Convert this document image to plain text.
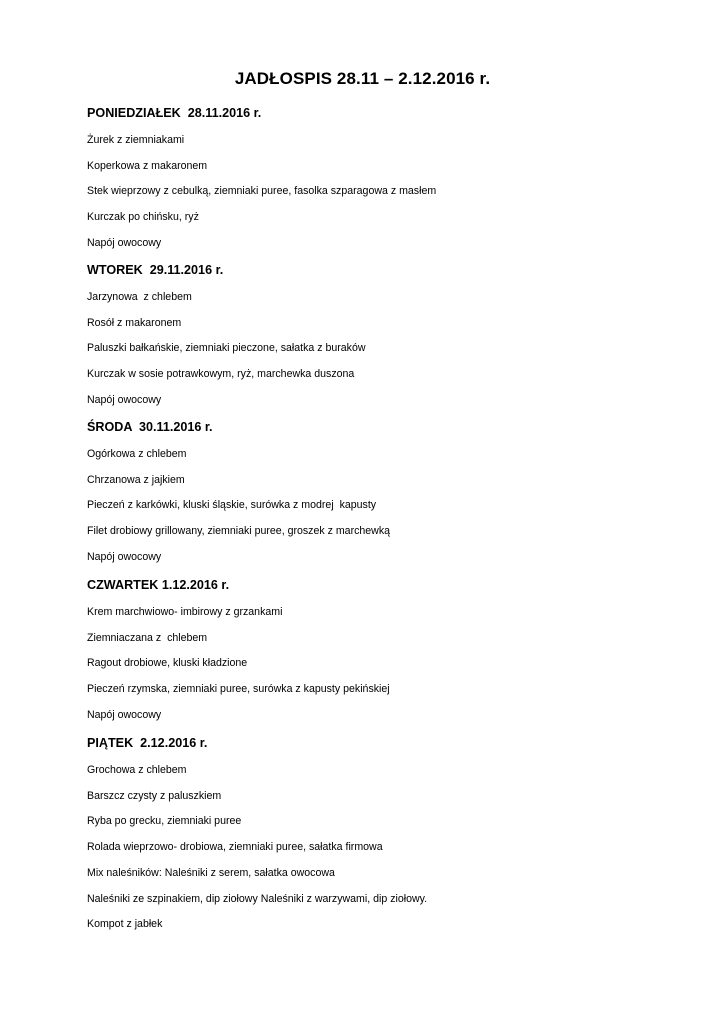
JADŁOSPIS 28.11 – 2.12.2016 r.
PONIEDZIAŁEK  28.11.2016 r.
Żurek z ziemniakami
Koperkowa z makaronem
Stek wieprzowy z cebulką, ziemniaki puree, fasolka szparagowa z masłem
Kurczak po chińsku, ryż
Napój owocowy
WTOREK  29.11.2016 r.
Jarzynowa  z chlebem
Rosół z makaronem
Paluszki bałkańskie, ziemniaki pieczone, sałatka z buraków
Kurczak w sosie potrawkowym, ryż, marchewka duszona
Napój owocowy
ŚRODA  30.11.2016 r.
Ogórkowa z chlebem
Chrzanowa z jajkiem
Pieczeń z karkówki, kluski śląskie, surówka z modrej  kapusty
Filet drobiowy grillowany, ziemniaki puree, groszek z marchewką
Napój owocowy
CZWARTEK 1.12.2016 r.
Krem marchwiowo- imbirowy z grzankami
Ziemniaczana z  chlebem
Ragout drobiowe, kluski kładzione
Pieczeń rzymska, ziemniaki puree, surówka z kapusty pekińskiej
Napój owocowy
PIĄTEK  2.12.2016 r.
Grochowa z chlebem
Barszcz czysty z paluszkiem
Ryba po grecku, ziemniaki puree
Rolada wieprzowo- drobiowa, ziemniaki puree, sałatka firmowa
Mix naleśników: Naleśniki z serem, sałatka owocowa
Naleśniki ze szpinakiem, dip ziołowy Naleśniki z warzywami, dip ziołowy.
Kompot z jabłek
